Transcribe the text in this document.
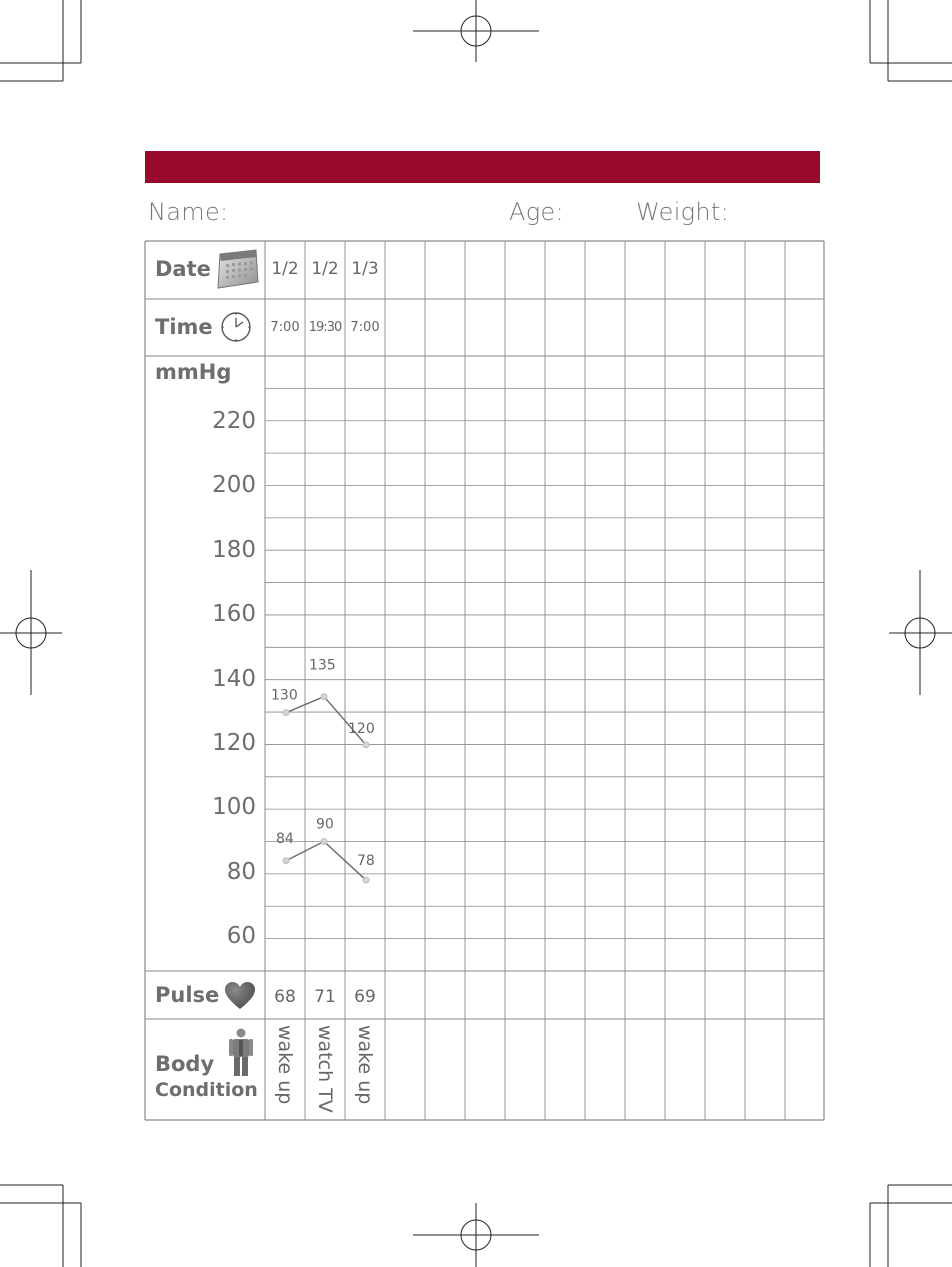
Name:	Age:	Weight:
Date
Time
mmHg
220
200
180
160
140
120
100
80
60
Pulse
Body
Condition
1/2
7:00
68
wake up
1/2
19:30
71
watch TV
1/3
7:00
69
wake up
130
135
120
84
90
78
